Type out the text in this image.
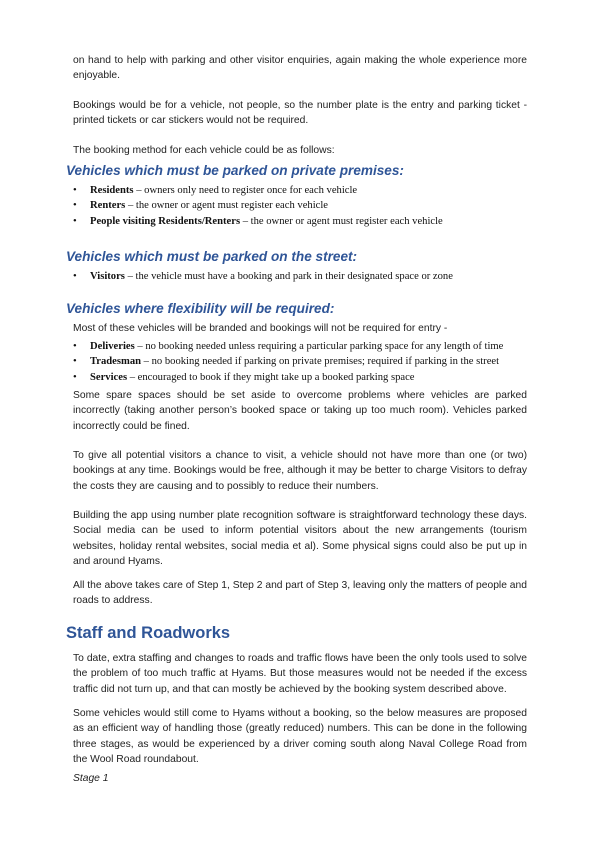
on hand to help with parking and other visitor enquiries, again making the whole experience more enjoyable.

Bookings would be for a vehicle, not people, so the number plate is the entry and parking ticket - printed tickets or car stickers would not be required.

The booking method for each vehicle could be as follows:

Vehicles which must be parked on private premises:
• Residents – owners only need to register once for each vehicle
• Renters – the owner or agent must register each vehicle
• People visiting Residents/Renters – the owner or agent must register each vehicle
Vehicles which must be parked on the street:
• Visitors – the vehicle must have a booking and park in their designated space or zone
Vehicles where flexibility will be required:

Most of these vehicles will be branded and bookings will not be required for entry -

• Deliveries – no booking needed unless requiring a particular parking space for any length of time
• Tradesman – no booking needed if parking on private premises; required if parking in the street
• Services – encouraged to book if they might take up a booked parking space

Some spare spaces should be set aside to overcome problems where vehicles are parked incorrectly (taking another person’s booked space or taking up too much room). Vehicles parked incorrectly could be fined.

To give all potential visitors a chance to visit, a vehicle should not have more than one (or two) bookings at any time. Bookings would be free, although it may be better to charge Visitors to defray the costs they are causing and to possibly to reduce their numbers.

Building the app using number plate recognition software is straightforward technology these days. Social media can be used to inform potential visitors about the new arrangements (tourism websites, holiday rental websites, social media et al). Some physical signs could also be put up in and around Hyams.

All the above takes care of Step 1, Step 2 and part of Step 3, leaving only the matters of people and roads to address.

Staff and Roadworks

To date, extra staffing and changes to roads and traffic flows have been the only tools used to solve the problem of too much traffic at Hyams. But those measures would not be needed if the excess traffic did not turn up, and that can mostly be achieved by the booking system described above.

Some vehicles would still come to Hyams without a booking, so the below measures are proposed as an efficient way of handling those (greatly reduced) numbers. This can be done in the following three stages, as would be experienced by a driver coming south along Naval College Road from the Wool Road roundabout.

Stage 1
